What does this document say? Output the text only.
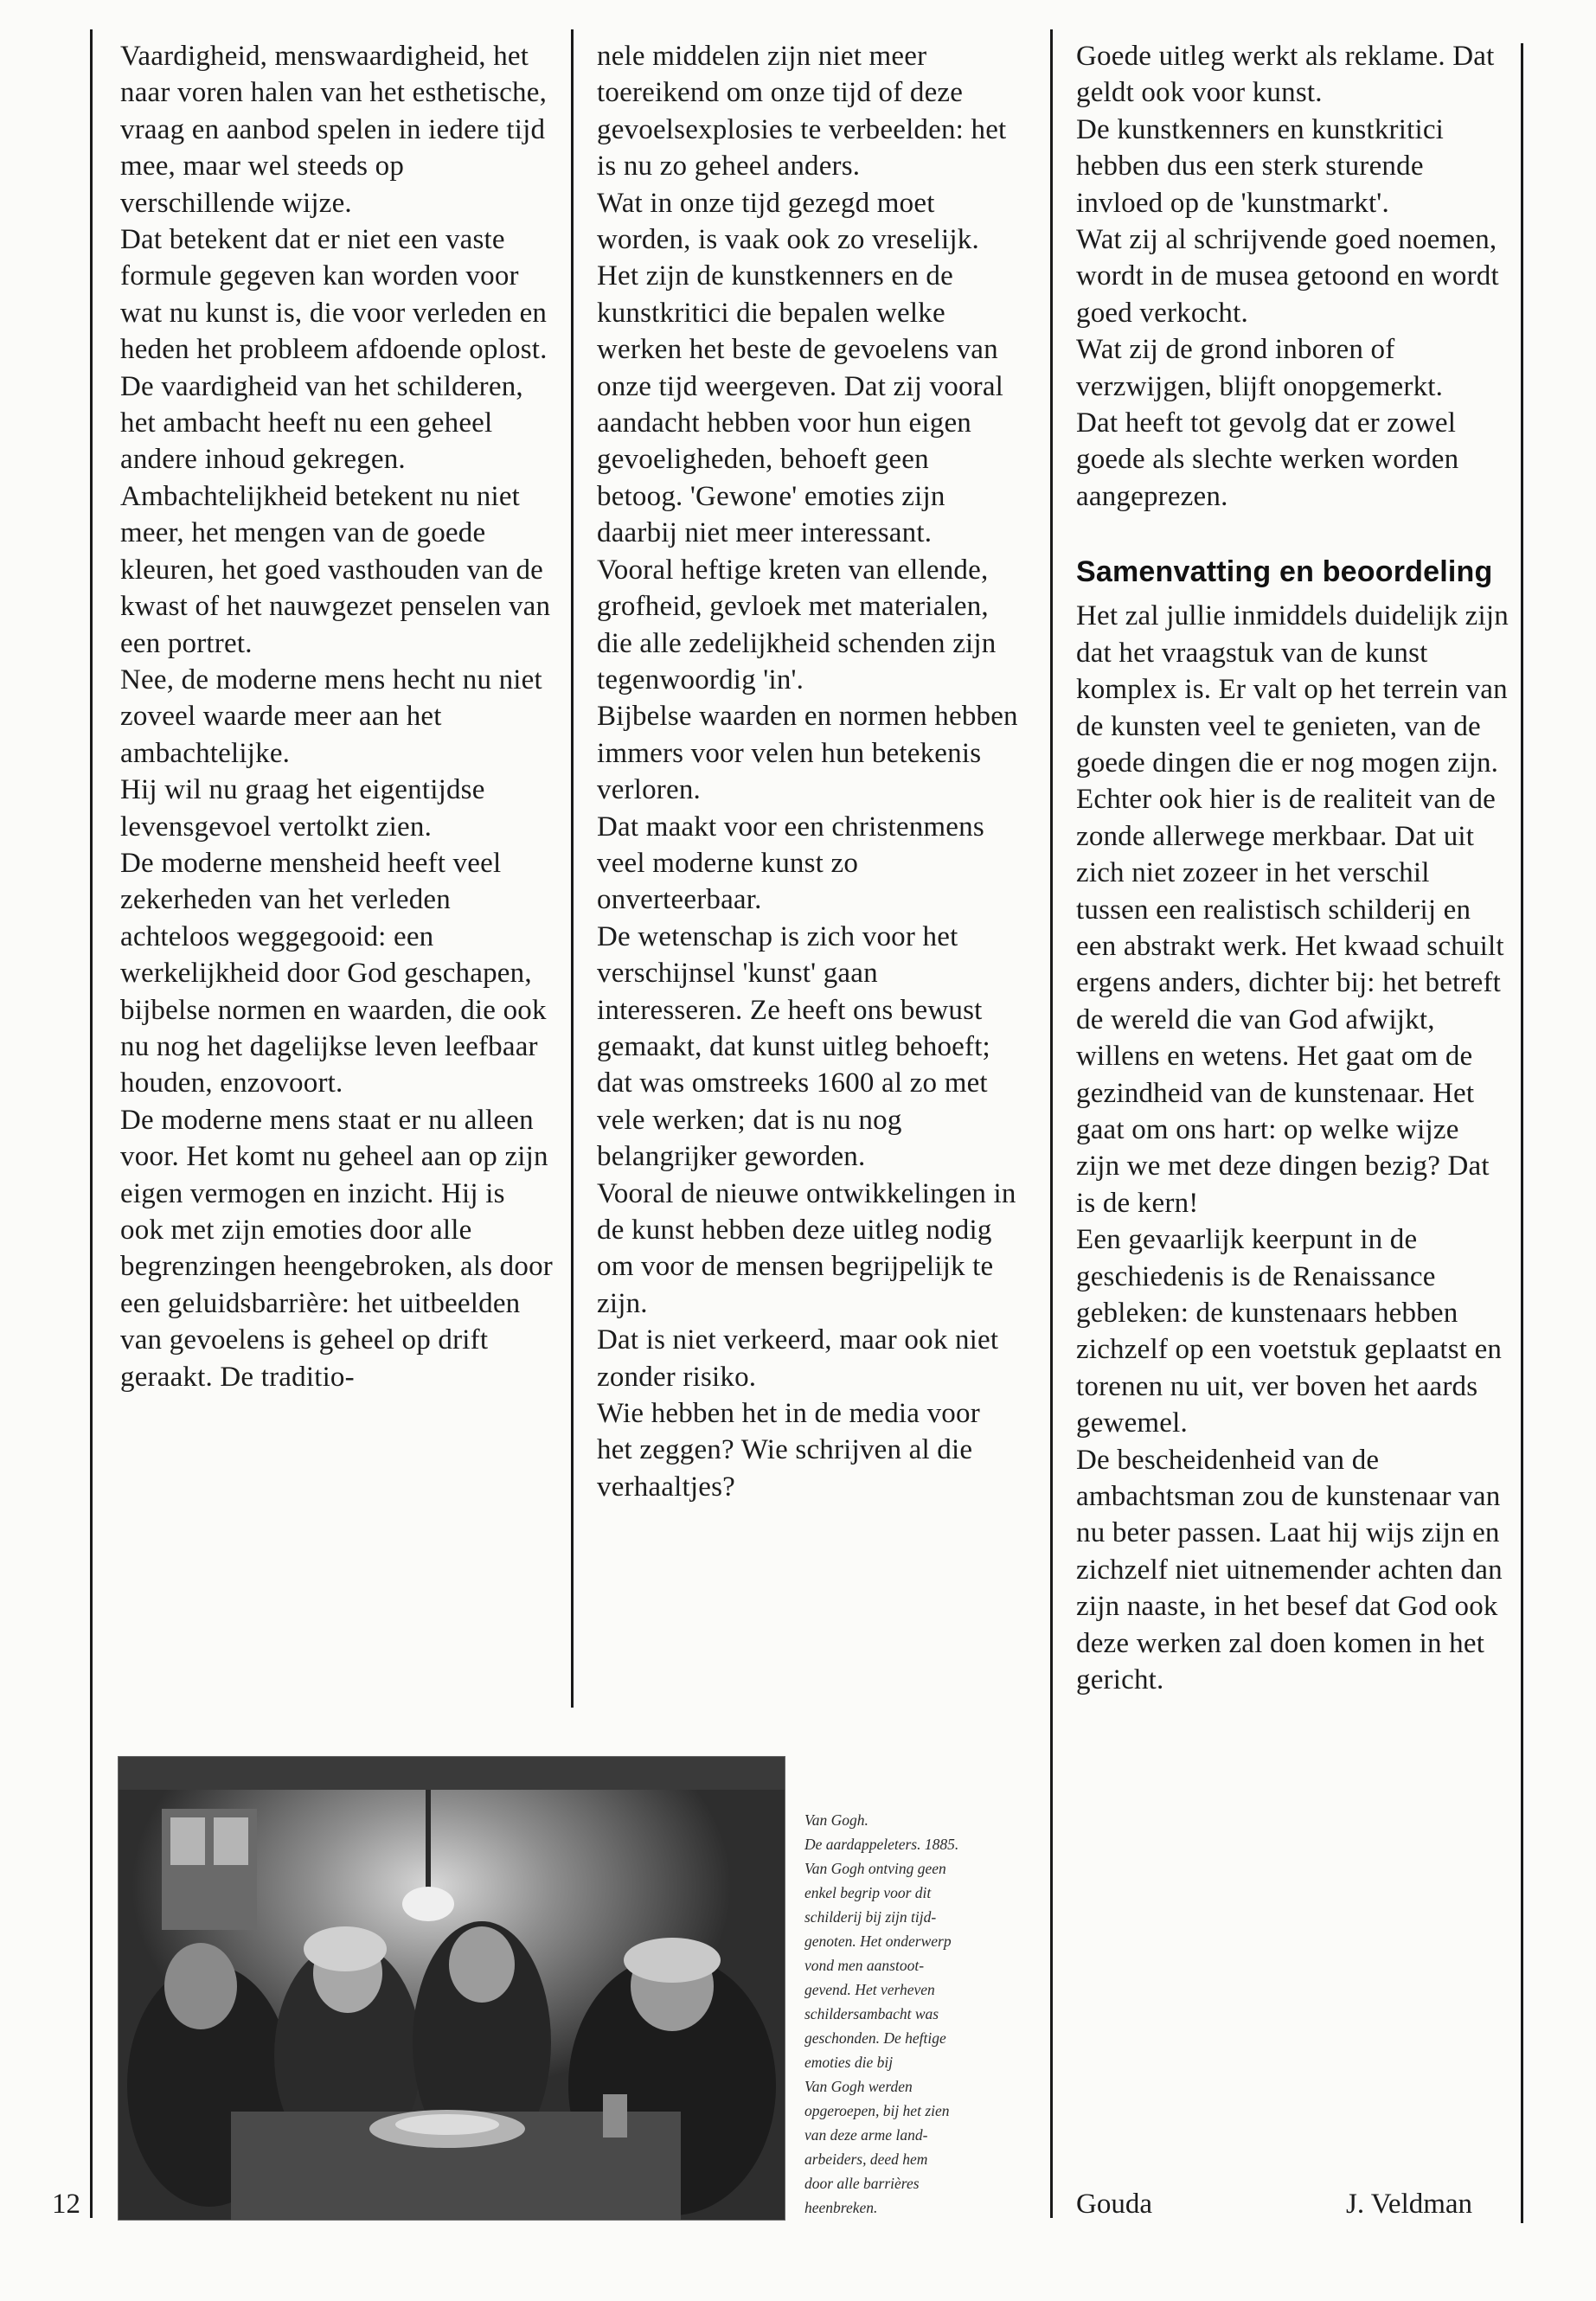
Vaardigheid, menswaardigheid, het naar voren halen van het esthetische, vraag en aanbod spelen in iedere tijd mee, maar wel steeds op verschillende wijze.

Dat betekent dat er niet een vaste formule gegeven kan worden voor wat nu kunst is, die voor verleden en heden het probleem afdoende oplost.

De vaardigheid van het schilderen, het ambacht heeft nu een geheel andere inhoud gekregen.

Ambachtelijkheid betekent nu niet meer, het mengen van de goede kleuren, het goed vasthouden van de kwast of het nauwgezet penselen van een portret.

Nee, de moderne mens hecht nu niet zoveel waarde meer aan het ambachtelijke.

Hij wil nu graag het eigentijdse levensgevoel vertolkt zien.

De moderne mensheid heeft veel zekerheden van het verleden achteloos weggegooid: een werkelijkheid door God geschapen, bijbelse normen en waarden, die ook nu nog het dagelijkse leven leefbaar houden, enzovoort.

De moderne mens staat er nu alleen voor. Het komt nu geheel aan op zijn eigen vermogen en inzicht. Hij is ook met zijn emoties door alle begrenzingen heengebroken, als door een geluidsbarrière: het uitbeelden van gevoelens is geheel op drift geraakt. De traditio-

nele middelen zijn niet meer toereikend om onze tijd of deze gevoelsexplosies te verbeelden: het is nu zo geheel anders.

Wat in onze tijd gezegd moet worden, is vaak ook zo vreselijk.

Het zijn de kunstkenners en de kunstkritici die bepalen welke werken het beste de gevoelens van onze tijd weergeven. Dat zij vooral aandacht hebben voor hun eigen gevoeligheden, behoeft geen betoog. 'Gewone' emoties zijn daarbij niet meer interessant.

Vooral heftige kreten van ellende, grofheid, gevloek met materialen, die alle zedelijkheid schenden zijn tegenwoordig 'in'.

Bijbelse waarden en normen hebben immers voor velen hun betekenis verloren.

Dat maakt voor een christenmens veel moderne kunst zo onverteerbaar.

De wetenschap is zich voor het verschijnsel 'kunst' gaan interesseren. Ze heeft ons bewust gemaakt, dat kunst uitleg behoeft; dat was omstreeks 1600 al zo met vele werken; dat is nu nog belangrijker geworden.

Vooral de nieuwe ontwikkelingen in de kunst hebben deze uitleg nodig om voor de mensen begrijpelijk te zijn.

Dat is niet verkeerd, maar ook niet zonder risiko.

Wie hebben het in de media voor het zeggen? Wie schrijven al die verhaaltjes?

Goede uitleg werkt als reklame. Dat geldt ook voor kunst.

De kunstkenners en kunstkritici hebben dus een sterk sturende invloed op de 'kunstmarkt'.

Wat zij al schrijvende goed noemen, wordt in de musea getoond en wordt goed verkocht.

Wat zij de grond inboren of verzwijgen, blijft onopgemerkt.

Dat heeft tot gevolg dat er zowel goede als slechte werken worden aangeprezen.

Samenvatting en beoordeling

Het zal jullie inmiddels duidelijk zijn dat het vraagstuk van de kunst komplex is. Er valt op het terrein van de kunsten veel te genieten, van de goede dingen die er nog mogen zijn.

Echter ook hier is de realiteit van de zonde allerwege merkbaar. Dat uit zich niet zozeer in het verschil tussen een realistisch schilderij en een abstrakt werk. Het kwaad schuilt ergens anders, dichter bij: het betreft de wereld die van God afwijkt, willens en wetens. Het gaat om de gezindheid van de kunstenaar. Het gaat om ons hart: op welke wijze zijn we met deze dingen bezig? Dat is de kern!

Een gevaarlijk keerpunt in de geschiedenis is de Renaissance gebleken: de kunstenaars hebben zichzelf op een voetstuk geplaatst en torenen nu uit, ver boven het aards gewemel.

De bescheidenheid van de ambachtsman zou de kunstenaar van nu beter passen. Laat hij wijs zijn en zichzelf niet uitnemender achten dan zijn naaste, in het besef dat God ook deze werken zal doen komen in het gericht.

Van Gogh.

De aardappeleters. 1885.

Van Gogh ontving geen

enkel begrip voor dit

schilderij bij zijn tijd-

genoten. Het onderwerp

vond men aanstoot-

gevend. Het verheven

schildersambacht was

geschonden. De heftige

emoties die bij

Van Gogh werden

opgeroepen, bij het zien

van deze arme land-

arbeiders, deed hem

door alle barrières

heenbreken.

12	Gouda	J. Veldman
